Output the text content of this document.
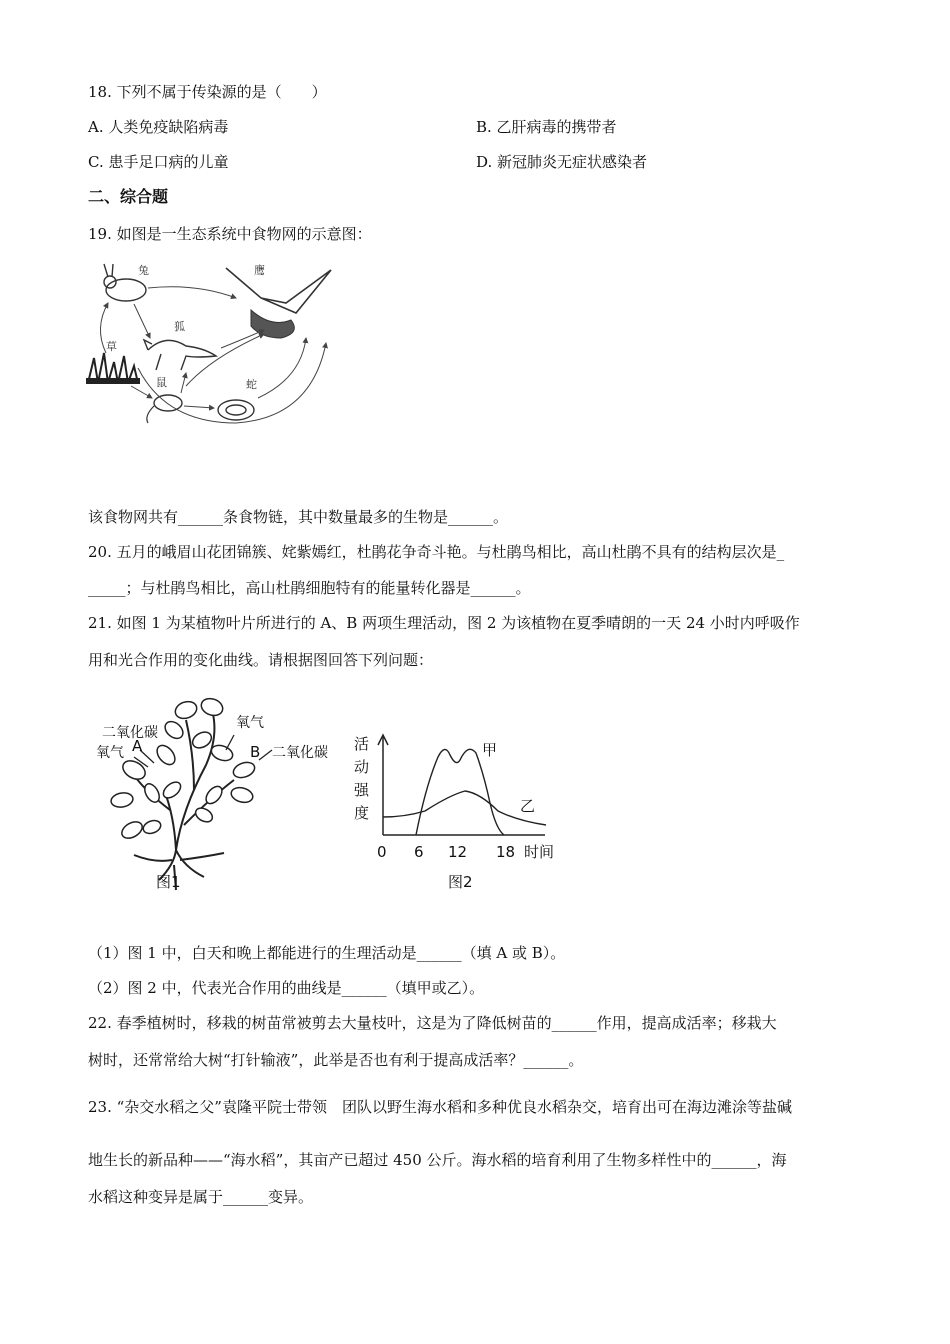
18. 下列不属于传染源的是（　　）
A. 人类免疫缺陷病毒	B. 乙肝病毒的携带者
C. 患手足口病的儿童	D. 新冠肺炎无症状感染者
二、综合题
19. 如图是一生态系统中食物网的示意图：
兔	鹰
狐
草
鼠	蛇
该食物网共有______条食物链，其中数量最多的生物是______。
20. 五月的峨眉山花团锦簇、姹紫嫣红，杜鹃花争奇斗艳。与杜鹃鸟相比，高山杜鹃不具有的结构层次是_
_____；与杜鹃鸟相比，高山杜鹃细胞特有的能量转化器是______。
21. 如图 1 为某植物叶片所进行的 A、B 两项生理活动，图 2 为该植物在夏季晴朗的一天 24 小时内呼吸作
用和光合作用的变化曲线。请根据图回答下列问题：
二氧化碳
氧气 A
氧气
B 二氧化碳
图1
活
动
强
度
0 6 12 18 时间
甲
乙
图2
（1）图 1 中，白天和晚上都能进行的生理活动是______（填 A 或 B）。
（2）图 2 中，代表光合作用的曲线是______（填甲或乙）。
22. 春季植树时，移栽的树苗常被剪去大量枝叶，这是为了降低树苗的______作用，提高成活率；移栽大
树时，还常常给大树“打针输液”，此举是否也有利于提高成活率？______。
23. “杂交水稻之父”袁隆平院士带领　团队以野生海水稻和多种优良水稻杂交，培育出可在海边滩涂等盐碱
地生长的新品种——“海水稻”，其亩产已超过 450 公斤。海水稻的培育利用了生物多样性中的______，海
水稻这种变异是属于______变异。
